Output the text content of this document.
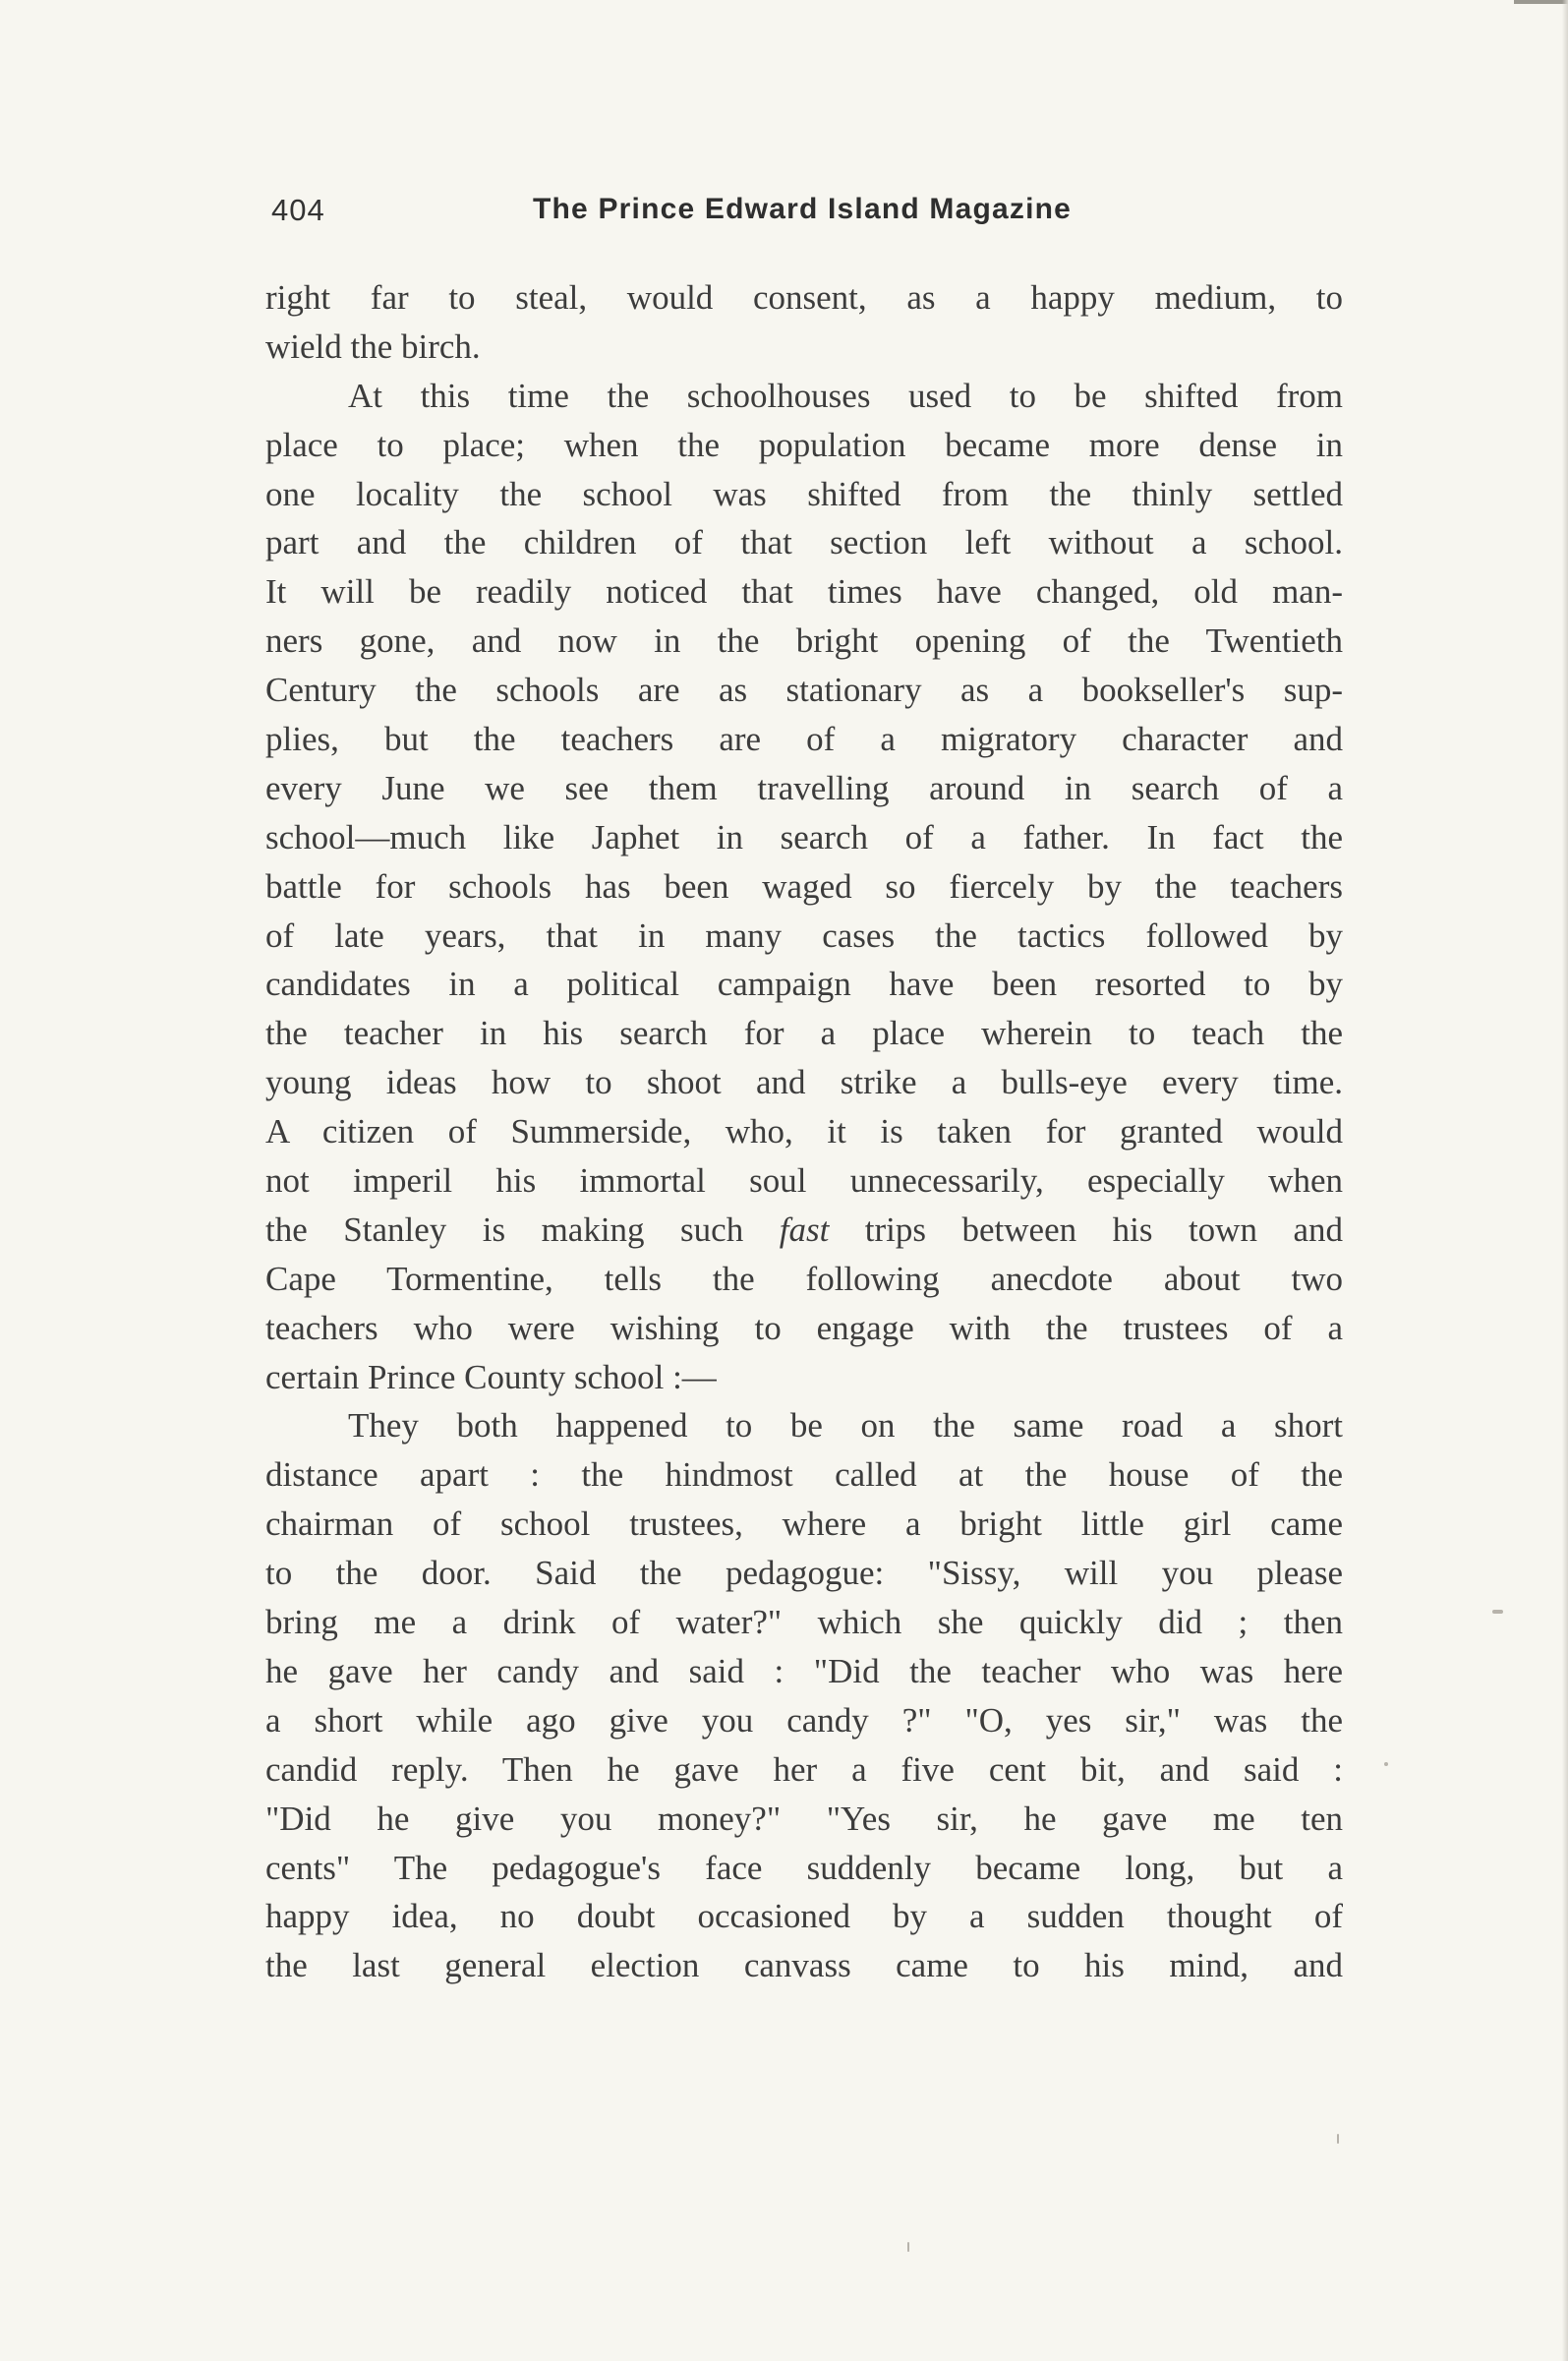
404	The Prince Edward Island Magazine
right far to steal, would consent, as a happy medium, to
wield the birch.
At this time the schoolhouses used to be shifted from
place to place; when the population became more dense in
one locality the school was shifted from the thinly settled
part and the children of that section left without a school.
It will be readily noticed that times have changed, old man-
ners gone, and now in the bright opening of the Twentieth
Century the schools are as stationary as a bookseller's sup-
plies, but the teachers are of a migratory character and
every June we see them travelling around in search of a
school—much like Japhet in search of a father. In fact the
battle for schools has been waged so fiercely by the teachers
of late years, that in many cases the tactics followed by
candidates in a political campaign have been resorted to by
the teacher in his search for a place wherein to teach the
young ideas how to shoot and strike a bulls-eye every time.
A citizen of Summerside, who, it is taken for granted would
not imperil his immortal soul unnecessarily, especially when
the Stanley is making such fast trips between his town and
Cape Tormentine, tells the following anecdote about two
teachers who were wishing to engage with the trustees of a
certain Prince County school :—
They both happened to be on the same road a short
distance apart : the hindmost called at the house of the
chairman of school trustees, where a bright little girl came
to the door. Said the pedagogue: "Sissy, will you please
bring me a drink of water?" which she quickly did ; then
he gave her candy and said : "Did the teacher who was here
a short while ago give you candy ?" "O, yes sir," was the
candid reply. Then he gave her a five cent bit, and said :
"Did he give you money?" "Yes sir, he gave me ten
cents" The pedagogue's face suddenly became long, but a
happy idea, no doubt occasioned by a sudden thought of
the last general election canvass came to his mind, and
